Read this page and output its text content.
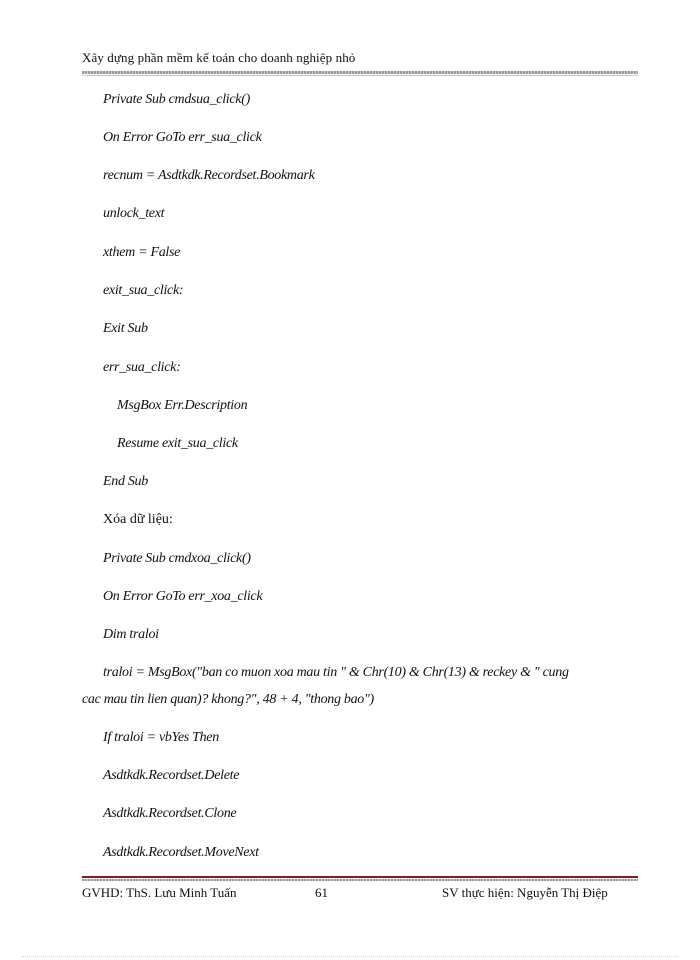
Xây dựng phần mềm kế toán cho doanh nghiệp nhỏ
Private Sub cmdsua_click()
On Error GoTo err_sua_click
recnum = Asdtkdk.Recordset.Bookmark
unlock_text
xthem = False
exit_sua_click:
Exit Sub
err_sua_click:
MsgBox Err.Description
Resume exit_sua_click
End Sub
Xóa dữ liệu:
Private Sub cmdxoa_click()
On Error GoTo err_xoa_click
Dim traloi
traloi = MsgBox("ban co muon xoa mau tin " & Chr(10) & Chr(13) & reckey & " cung
cac mau tin lien quan)? khong?", 48 + 4, "thong bao")
If traloi = vbYes Then
Asdtkdk.Recordset.Delete
Asdtkdk.Recordset.Clone
Asdtkdk.Recordset.MoveNext
GVHD: ThS. Lưu Minh Tuấn	61	SV thực hiện: Nguyễn Thị Điệp
